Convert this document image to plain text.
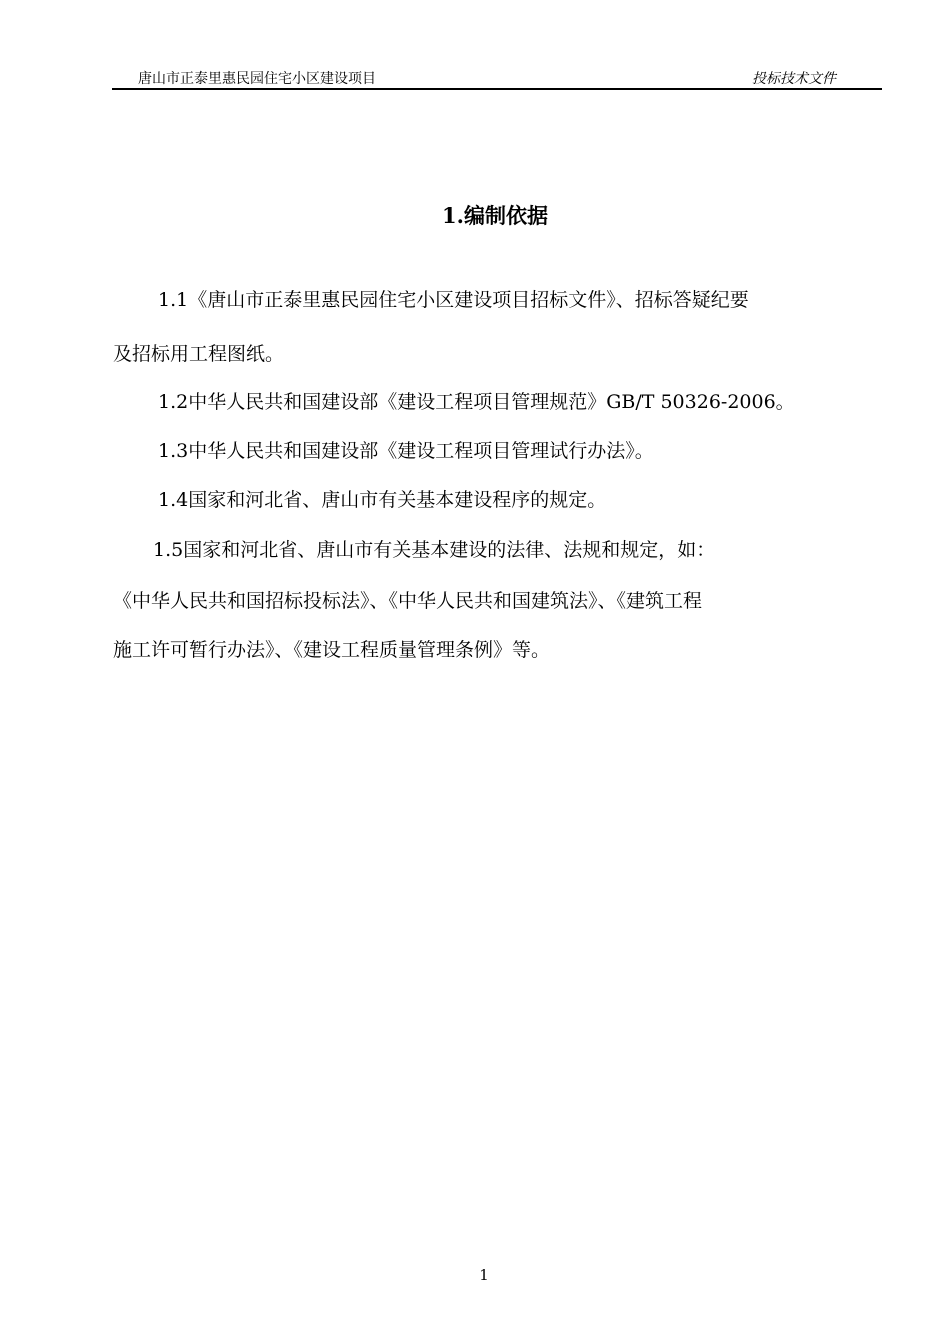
唐山市正泰里惠民园住宅小区建设项目	投标技术文件
1.编制依据
1.1《唐山市正泰里惠民园住宅小区建设项目招标文件》、招标答疑纪要
及招标用工程图纸。
1.2中华人民共和国建设部《建设工程项目管理规范》GB/T 50326-2006。
1.3中华人民共和国建设部《建设工程项目管理试行办法》。
1.4国家和河北省、唐山市有关基本建设程序的规定。
1.5国家和河北省、唐山市有关基本建设的法律、法规和规定，如：
《中华人民共和国招标投标法》、《中华人民共和国建筑法》、《建筑工程
施工许可暂行办法》、《建设工程质量管理条例》等。
1
